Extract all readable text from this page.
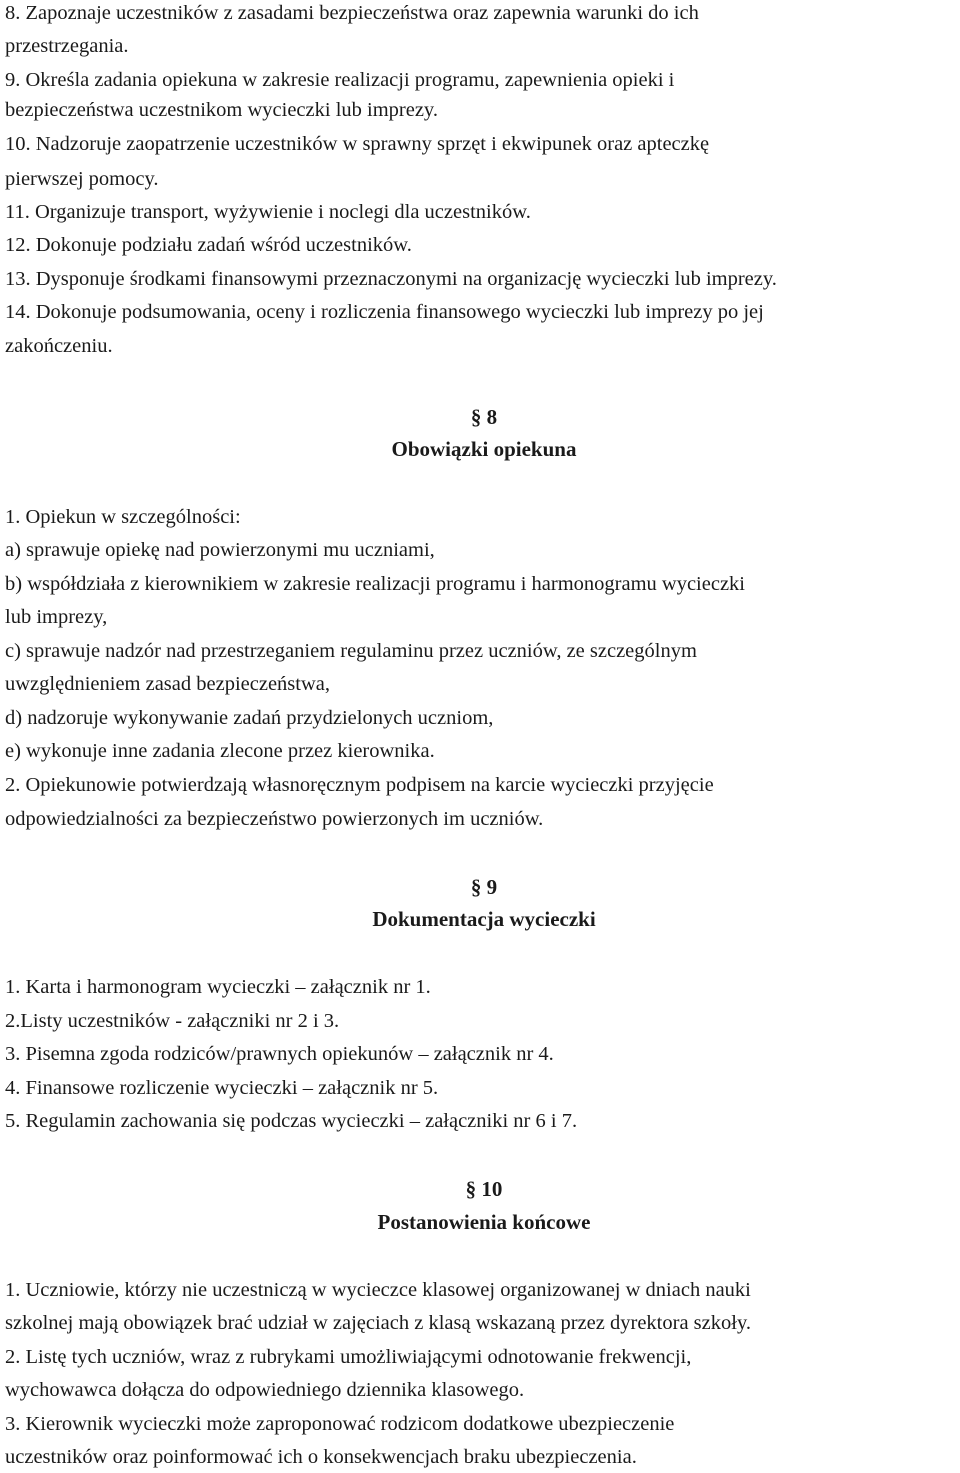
8. Zapoznaje uczestników z zasadami bezpieczeństwa oraz zapewnia warunki do ich
przestrzegania.
9. Określa zadania opiekuna w zakresie realizacji programu, zapewnienia opieki i
bezpieczeństwa uczestnikom wycieczki lub imprezy.
10. Nadzoruje zaopatrzenie uczestników w sprawny sprzęt i ekwipunek oraz apteczkę
pierwszej pomocy.
11. Organizuje transport, wyżywienie i noclegi dla uczestników.
12. Dokonuje podziału zadań wśród uczestników.
13. Dysponuje środkami finansowymi przeznaczonymi na organizację wycieczki lub imprezy.
14. Dokonuje podsumowania, oceny i rozliczenia finansowego wycieczki lub imprezy po jej
zakończeniu.
§ 8
Obowiązki opiekuna
1. Opiekun w szczególności:
a) sprawuje opiekę nad powierzonymi mu uczniami,
b) współdziała z kierownikiem w zakresie realizacji programu i harmonogramu wycieczki
lub imprezy,
c) sprawuje nadzór nad przestrzeganiem regulaminu przez uczniów, ze szczególnym
uwzględnieniem zasad bezpieczeństwa,
d) nadzoruje wykonywanie zadań przydzielonych uczniom,
e) wykonuje inne zadania zlecone przez kierownika.
2. Opiekunowie potwierdzają własnoręcznym podpisem na karcie wycieczki przyjęcie
odpowiedzialności za bezpieczeństwo powierzonych im uczniów.
§ 9
Dokumentacja wycieczki
1. Karta i harmonogram wycieczki – załącznik nr 1.
2.Listy uczestników - załączniki nr 2 i 3.
3. Pisemna zgoda rodziców/prawnych opiekunów – załącznik nr 4.
4. Finansowe rozliczenie wycieczki – załącznik nr 5.
5. Regulamin zachowania się podczas wycieczki – załączniki nr 6 i 7.
§ 10
Postanowienia końcowe
1. Uczniowie, którzy nie uczestniczą w wycieczce klasowej organizowanej w dniach nauki
szkolnej mają obowiązek brać udział w zajęciach z klasą wskazaną przez dyrektora szkoły.
2. Listę tych uczniów, wraz z rubrykami umożliwiającymi odnotowanie frekwencji,
wychowawca dołącza do odpowiedniego dziennika klasowego.
3. Kierownik wycieczki może zaproponować rodzicom dodatkowe ubezpieczenie
uczestników oraz poinformować ich o konsekwencjach braku ubezpieczenia.
